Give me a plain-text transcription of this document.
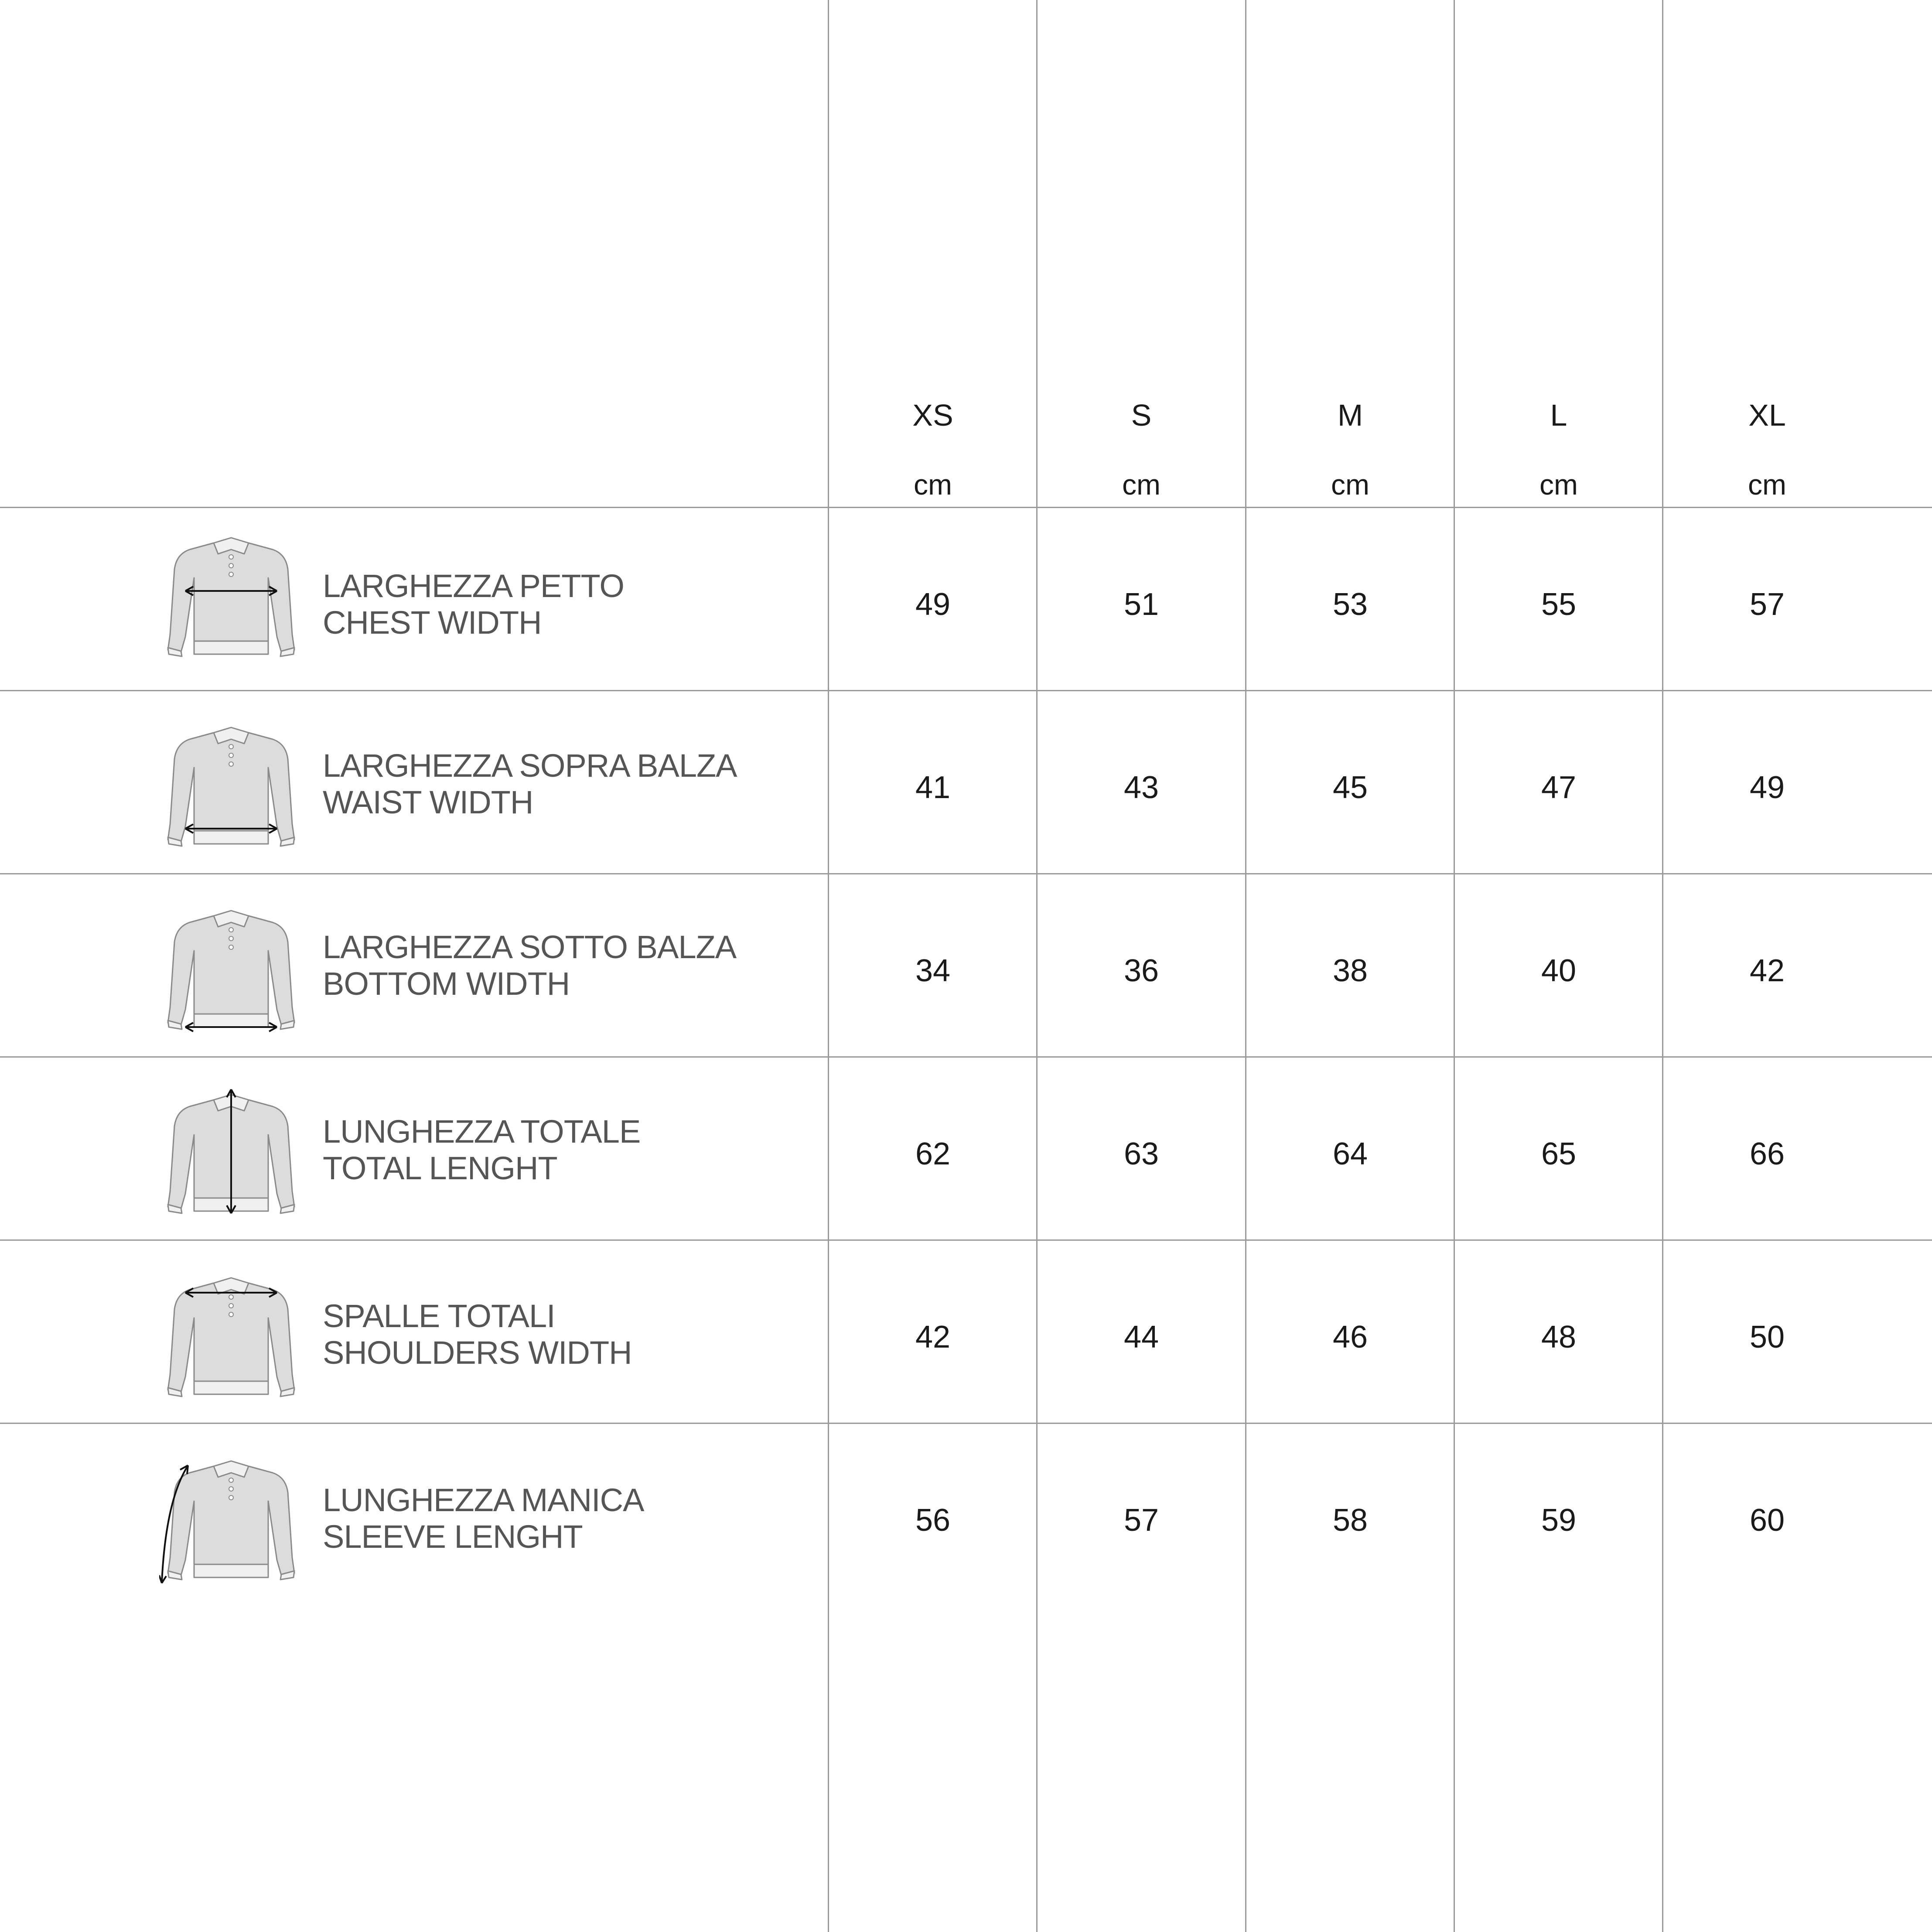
XS	S	M	L	XL
cm	cm	cm	cm	cm
LARGHEZZA PETTO
CHEST WIDTH	49	51	53	55	57
LARGHEZZA SOPRA BALZA
WAIST WIDTH	41	43	45	47	49
LARGHEZZA SOTTO BALZA
BOTTOM WIDTH	34	36	38	40	42
LUNGHEZZA TOTALE
TOTAL LENGHT	62	63	64	65	66
SPALLE TOTALI
SHOULDERS WIDTH	42	44	46	48	50
LUNGHEZZA MANICA
SLEEVE LENGHT	56	57	58	59	60
